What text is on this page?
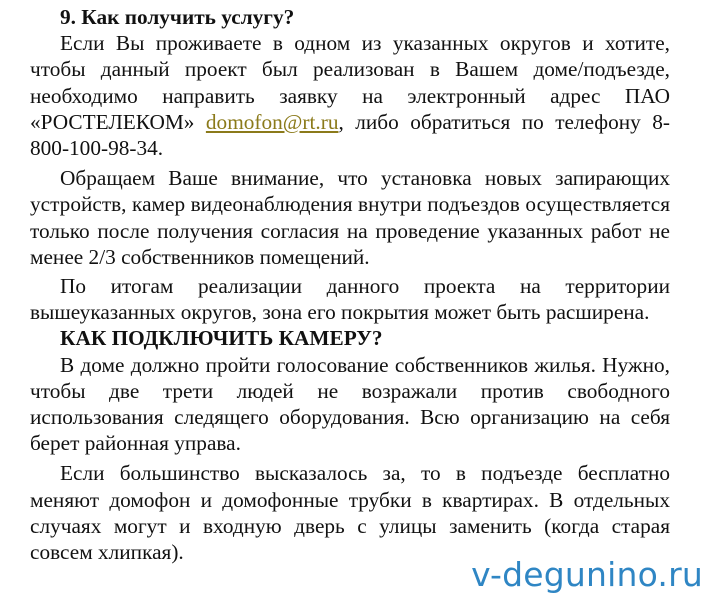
9. Как получить услугу?

Если Вы проживаете в одном из указанных округов и хотите, чтобы данный проект был реализован в Вашем доме/подъезде, необходимо направить заявку на электронный адрес ПАО «РОСТЕЛЕКОМ» domofon@rt.ru, либо обратиться по телефону 8-800-100-98-34.

Обращаем Ваше внимание, что установка новых запирающих устройств, камер видеонаблюдения внутри подъездов осуществляется только после получения согласия на проведение указанных работ не менее 2/3 собственников помещений.

По итогам реализации данного проекта на территории вышеуказанных округов, зона его покрытия может быть расширена.

КАК ПОДКЛЮЧИТЬ КАМЕРУ?

В доме должно пройти голосование собственников жилья. Нужно, чтобы две трети людей не возражали против свободного использования следящего оборудования. Всю организацию на себя берет районная управа.

Если большинство высказалось за, то в подъезде бесплатно меняют домофон и домофонные трубки в квартирах. В отдельных случаях могут и входную дверь с улицы заменить (когда старая совсем хлипкая).

v-degunino.ru
